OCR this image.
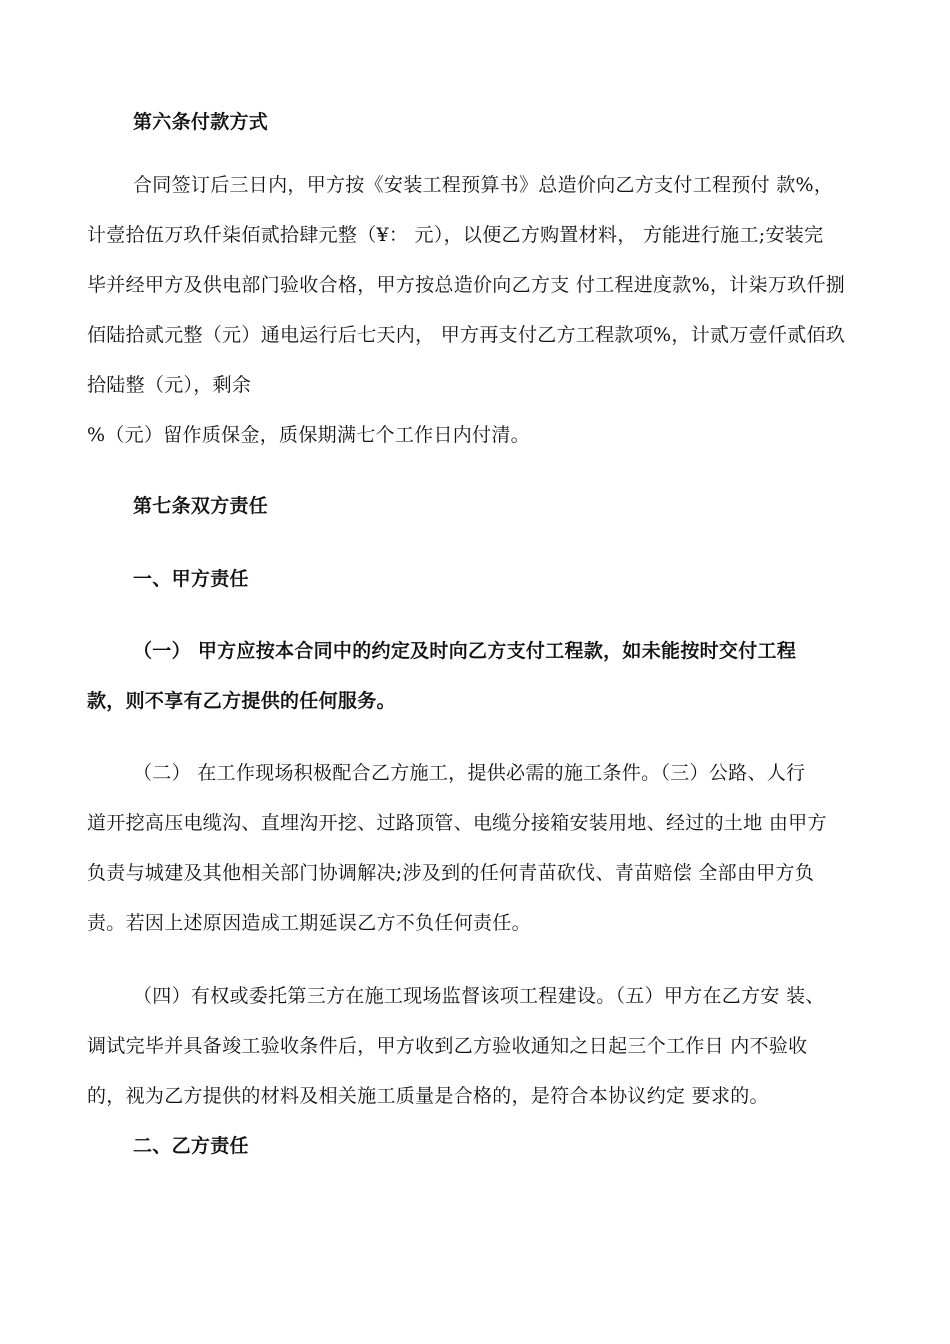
第六条付款方式
合同签订后三日内，甲方按《安装工程预算书》总造价向乙方支付工程预付 款%，
计壹拾伍万玖仟柒佰贰拾肆元整（¥： 元），以便乙方购置材料， 方能进行施工;安装完
毕并经甲方及供电部门验收合格，甲方按总造价向乙方支 付工程进度款%，计柒万玖仟捌
佰陆拾贰元整（元）通电运行后七天内， 甲方再支付乙方工程款项%，计贰万壹仟贰佰玖
拾陆整（元），剩余
%（元）留作质保金，质保期满七个工作日内付清。
第七条双方责任
一、甲方责任
（一） 甲方应按本合同中的约定及时向乙方支付工程款，如未能按时交付工程
款，则不享有乙方提供的任何服务。
（二） 在工作现场积极配合乙方施工，提供必需的施工条件。（三）公路、人行
道开挖高压电缆沟、直埋沟开挖、过路顶管、电缆分接箱安装用地、经过的土地 由甲方
负责与城建及其他相关部门协调解决;涉及到的任何青苗砍伐、青苗赔偿 全部由甲方负
责。若因上述原因造成工期延误乙方不负任何责任。
（四）有权或委托第三方在施工现场监督该项工程建设。（五）甲方在乙方安 装、
调试完毕并具备竣工验收条件后，甲方收到乙方验收通知之日起三个工作日 内不验收
的，视为乙方提供的材料及相关施工质量是合格的，是符合本协议约定 要求的。
二、乙方责任
